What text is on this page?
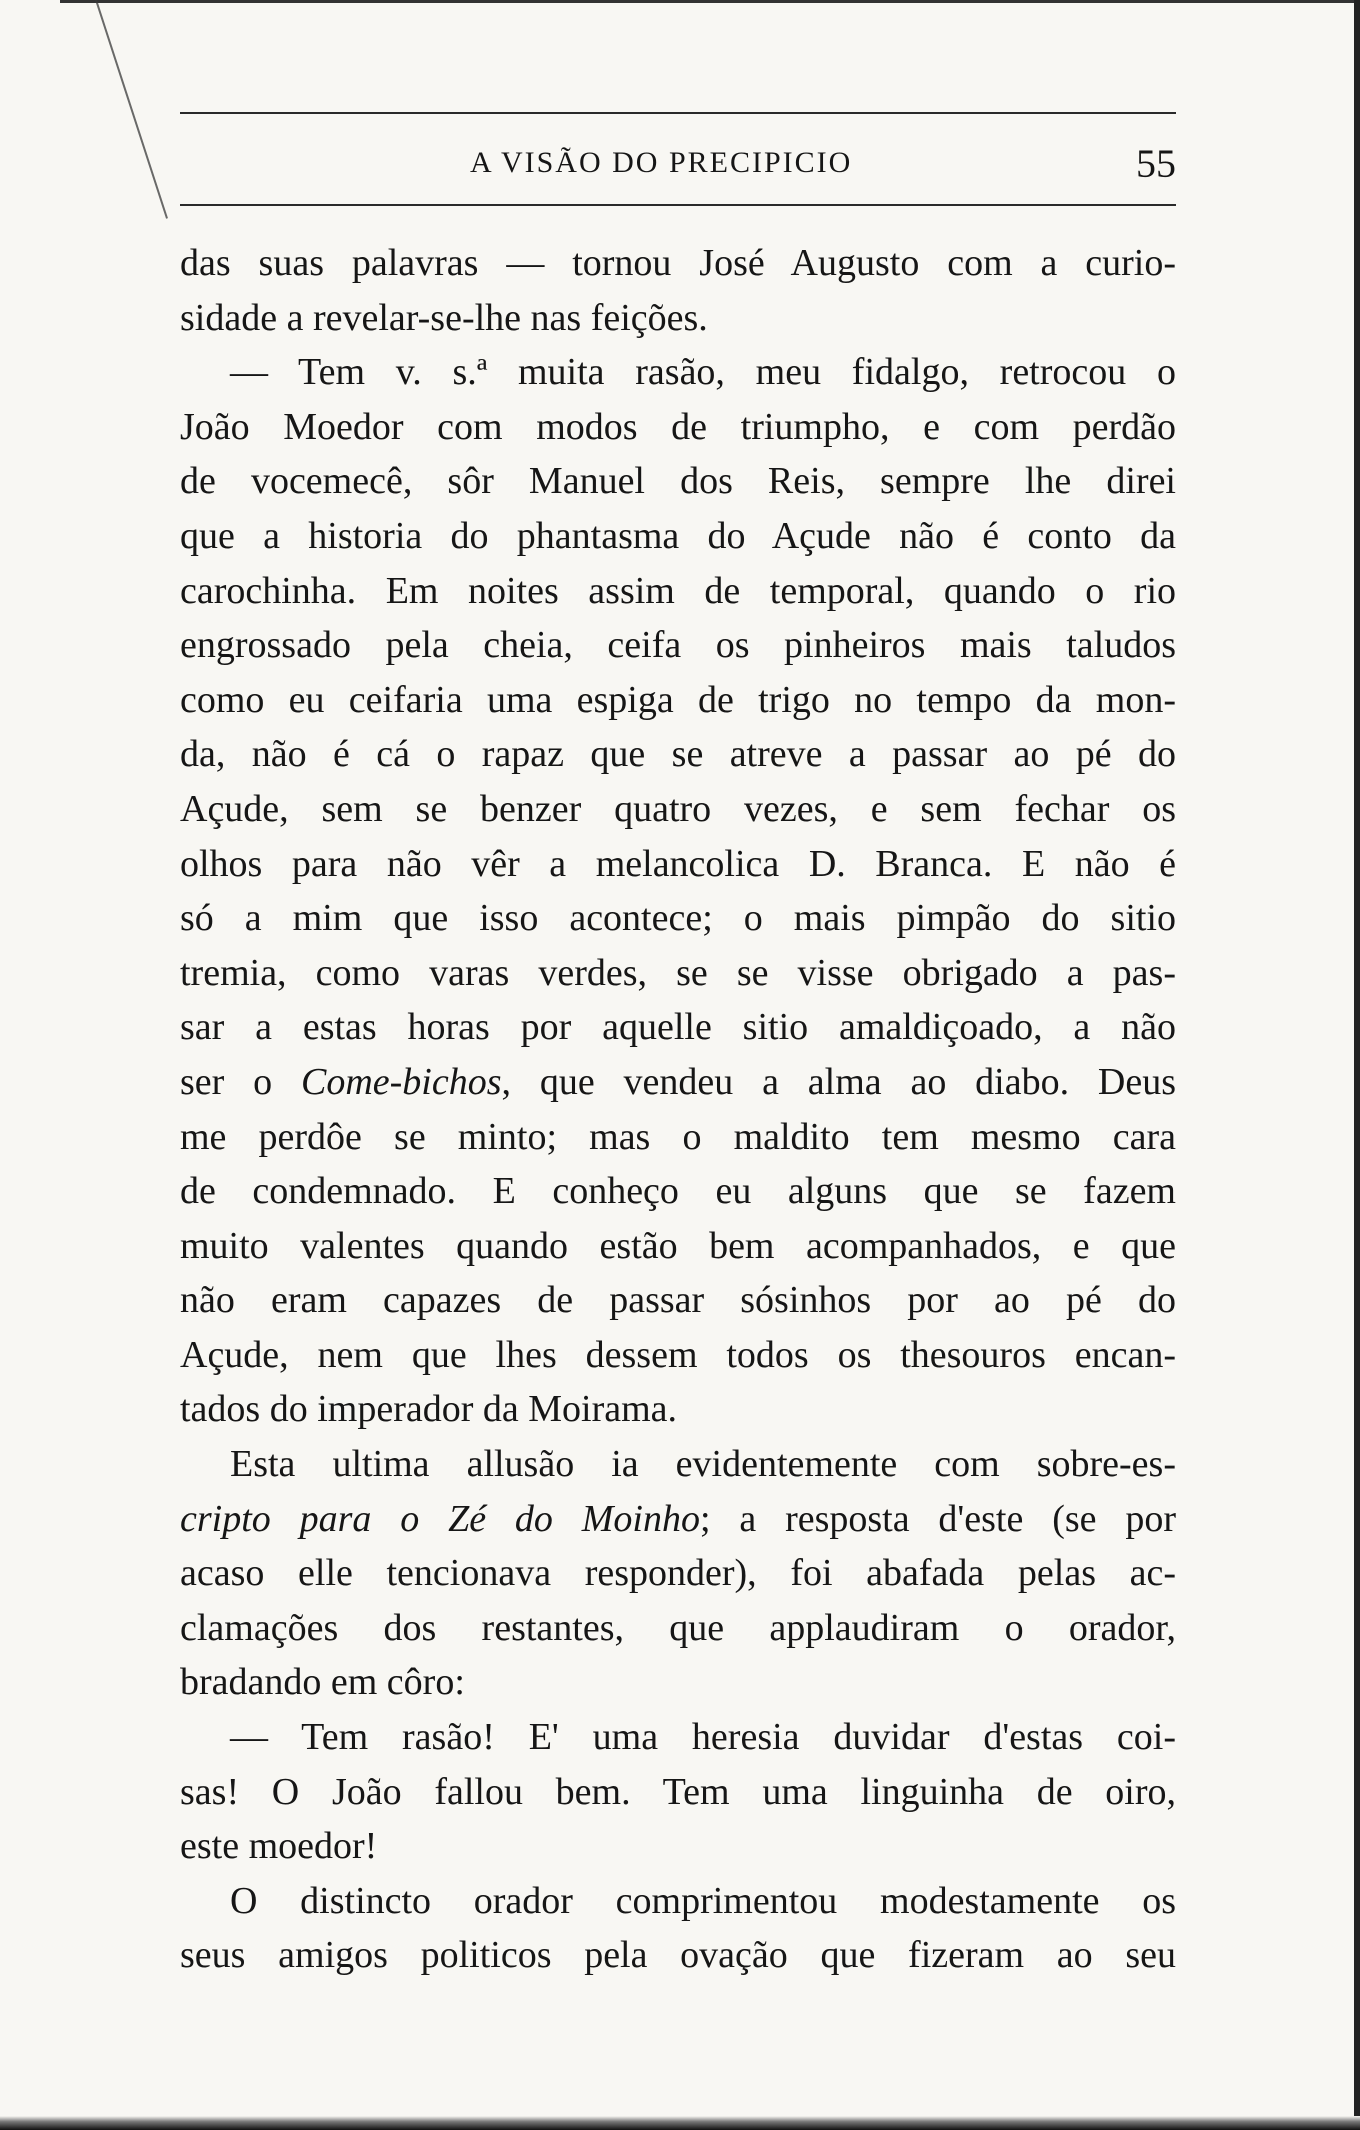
A VISÃO DO PRECIPICIO	55
das suas palavras — tornou José Augusto com a curio-
sidade a revelar-se-lhe nas feições.
— Tem v. s.ª muita rasão, meu fidalgo, retrocou o
João Moedor com modos de triumpho, e com perdão
de vocemecê, sôr Manuel dos Reis, sempre lhe direi
que a historia do phantasma do Açude não é conto da
carochinha. Em noites assim de temporal, quando o rio
engrossado pela cheia, ceifa os pinheiros mais taludos
como eu ceifaria uma espiga de trigo no tempo da mon-
da, não é cá o rapaz que se atreve a passar ao pé do
Açude, sem se benzer quatro vezes, e sem fechar os
olhos para não vêr a melancolica D. Branca. E não é
só a mim que isso acontece; o mais pimpão do sitio
tremia, como varas verdes, se se visse obrigado a pas-
sar a estas horas por aquelle sitio amaldiçoado, a não
ser o Come-bichos, que vendeu a alma ao diabo. Deus
me perdôe se minto; mas o maldito tem mesmo cara
de condemnado. E conheço eu alguns que se fazem
muito valentes quando estão bem acompanhados, e que
não eram capazes de passar sósinhos por ao pé do
Açude, nem que lhes dessem todos os thesouros encan-
tados do imperador da Moirama.
Esta ultima allusão ia evidentemente com sobre-es-
cripto para o Zé do Moinho; a resposta d'este (se por
acaso elle tencionava responder), foi abafada pelas ac-
clamações dos restantes, que applaudiram o orador,
bradando em côro:
— Tem rasão! E' uma heresia duvidar d'estas coi-
sas! O João fallou bem. Tem uma linguinha de oiro,
este moedor!
O distincto orador comprimentou modestamente os
seus amigos politicos pela ovação que fizeram ao seu
